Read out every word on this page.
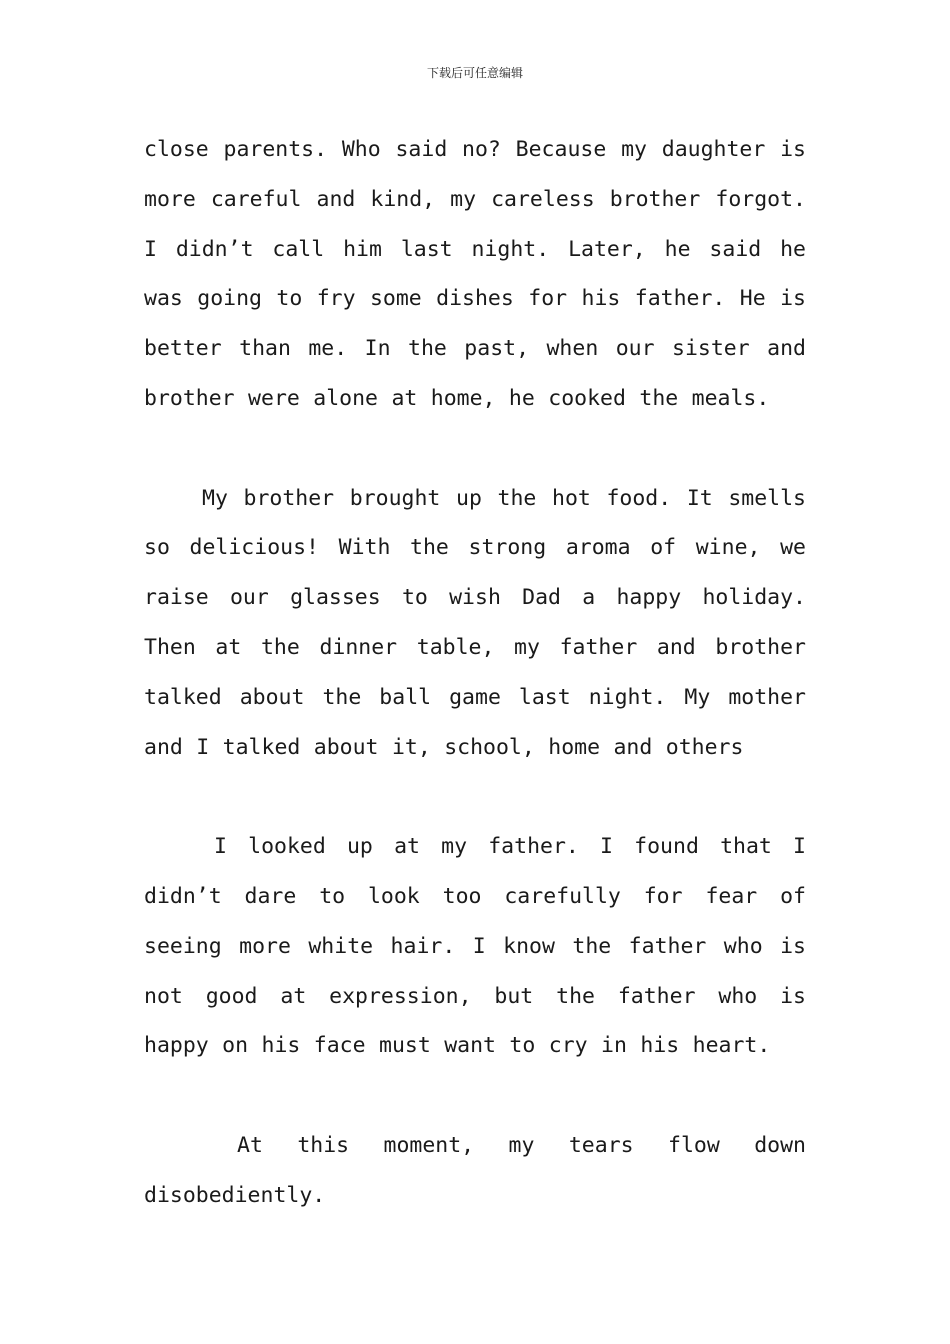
下载后可任意编辑

close parents. Who said no? Because my daughter is more careful and kind, my careless brother forgot. I didn’t call him last night. Later, he said he was going to fry some dishes for his father. He is better than me. In the past, when our sister and brother were alone at home, he cooked the meals.

My brother brought up the hot food. It smells so delicious! With the strong aroma of wine, we raise our glasses to wish Dad a happy holiday. Then at the dinner table, my father and brother talked about the ball game last night. My mother and I talked about it, school, home and others

I looked up at my father. I found that I didn’t dare to look too carefully for fear of seeing more white hair. I know the father who is not good at expression, but the father who is happy on his face must want to cry in his heart.

At this moment, my tears flow down disobediently.
